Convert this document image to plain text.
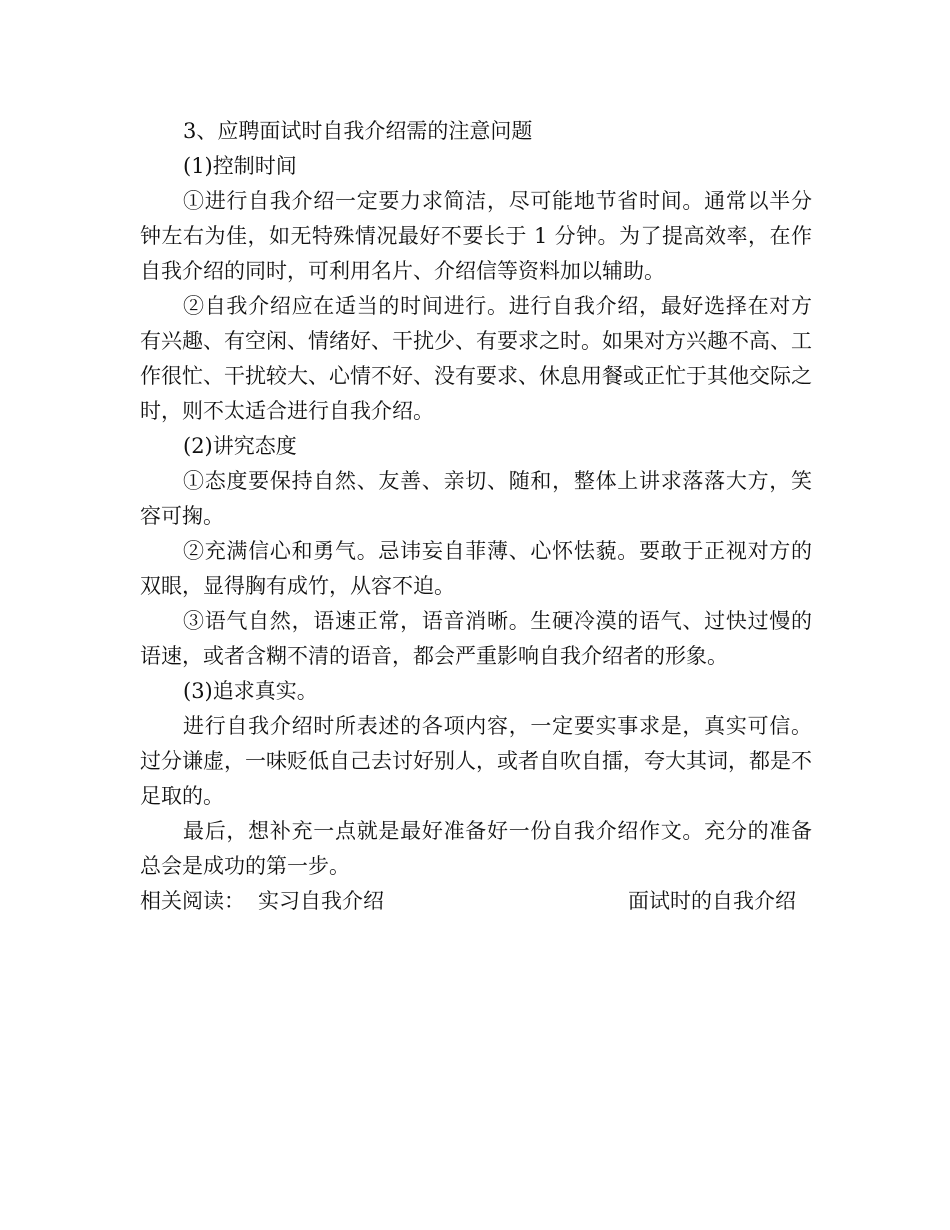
3、应聘面试时自我介绍需的注意问题

(1)控制时间

①进行自我介绍一定要力求简洁，尽可能地节省时间。通常以半分钟左右为佳，如无特殊情况最好不要长于 1 分钟。为了提高效率，在作自我介绍的同时，可利用名片、介绍信等资料加以辅助。

②自我介绍应在适当的时间进行。进行自我介绍，最好选择在对方有兴趣、有空闲、情绪好、干扰少、有要求之时。如果对方兴趣不高、工作很忙、干扰较大、心情不好、没有要求、休息用餐或正忙于其他交际之时，则不太适合进行自我介绍。

(2)讲究态度

①态度要保持自然、友善、亲切、随和，整体上讲求落落大方，笑容可掬。

②充满信心和勇气。忌讳妄自菲薄、心怀怯藐。要敢于正视对方的双眼，显得胸有成竹，从容不迫。

③语气自然，语速正常，语音消晰。生硬冷漠的语气、过快过慢的语速，或者含糊不清的语音，都会严重影响自我介绍者的形象。

(3)追求真实。

进行自我介绍时所表述的各项内容，一定要实事求是，真实可信。过分谦虚，一味贬低自己去讨好别人，或者自吹自擂，夸大其词，都是不足取的。

最后，想补充一点就是最好准备好一份自我介绍作文。充分的准备总会是成功的第一步。

相关阅读： 实习自我介绍	面试时的自我介绍
